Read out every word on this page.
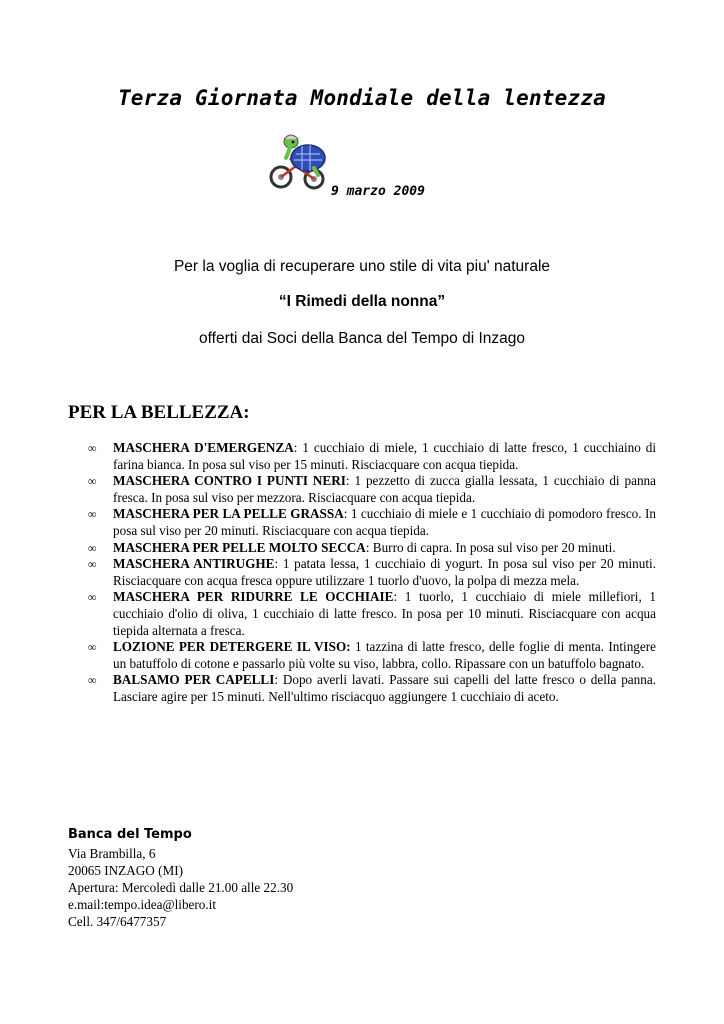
Terza Giornata Mondiale della lentezza
9 marzo 2009
Per la voglia di recuperare uno stile di vita piu' naturale
“I Rimedi della nonna”
offerti dai Soci della Banca del Tempo di Inzago
PER LA BELLEZZA:
∞ MASCHERA D'EMERGENZA: 1 cucchiaio di miele, 1 cucchiaio di latte fresco, 1 cucchiaino di farina bianca. In posa sul viso per 15 minuti. Risciacquare con acqua tiepida.
∞ MASCHERA CONTRO I PUNTI NERI: 1 pezzetto di zucca gialla lessata, 1 cucchiaio di panna fresca. In posa sul viso per mezzora. Risciacquare con acqua tiepida.
∞ MASCHERA PER LA PELLE GRASSA: 1 cucchiaio di miele e 1 cucchiaio di pomodoro fresco. In posa sul viso per 20 minuti. Risciacquare con acqua tiepida.
∞ MASCHERA PER PELLE MOLTO SECCA: Burro di capra. In posa sul viso per 20 minuti.
∞ MASCHERA ANTIRUGHE: 1 patata lessa, 1 cucchiaio di yogurt. In posa sul viso per 20 minuti. Risciacquare con acqua fresca oppure utilizzare 1 tuorlo d'uovo, la polpa di mezza mela.
∞ MASCHERA PER RIDURRE LE OCCHIAIE: 1 tuorlo, 1 cucchiaio di miele millefiori, 1 cucchiaio d'olio di oliva, 1 cucchiaio di latte fresco. In posa per 10 minuti. Risciacquare con acqua tiepida alternata a fresca.
∞ LOZIONE PER DETERGERE IL VISO: 1 tazzina di latte fresco, delle foglie di menta. Intingere un batuffolo di cotone e passarlo più volte su viso, labbra, collo. Ripassare con un batuffolo bagnato.
∞ BALSAMO PER CAPELLI: Dopo averli lavati. Passare sui capelli del latte fresco o della panna. Lasciare agire per 15 minuti. Nell'ultimo risciacquo aggiungere 1 cucchiaio di aceto.
Banca del Tempo
Via Brambilla, 6
20065 INZAGO (MI)
Apertura: Mercoledì dalle 21.00 alle 22.30
e.mail:tempo.idea@libero.it
Cell. 347/6477357
